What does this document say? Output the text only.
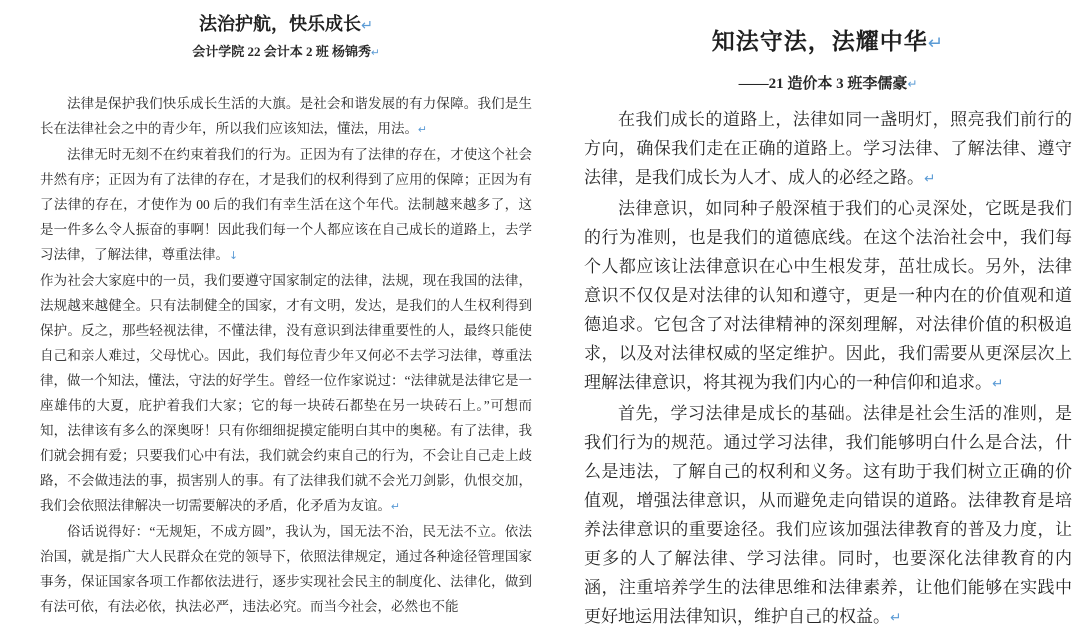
法治护航，快乐成长↵
会计学院 22 会计本 2 班 杨锦秀↵

法律是保护我们快乐成长生活的大旗。是社会和谐发展的有力保障。我们是生长在法律社会之中的青少年，所以我们应该知法，懂法，用法。↵

法律无时无刻不在约束着我们的行为。正因为有了法律的存在，才使这个社会井然有序；正因为有了法律的存在，才是我们的权利得到了应用的保障；正因为有了法律的存在，才使作为 00 后的我们有幸生活在这个年代。法制越来越多了，这是一件多么令人振奋的事啊！因此我们每一个人都应该在自己成长的道路上，去学习法律，了解法律，尊重法律。↓

作为社会大家庭中的一员，我们要遵守国家制定的法律，法规，现在我国的法律，法规越来越健全。只有法制健全的国家，才有文明，发达，是我们的人生权利得到保护。反之，那些轻视法律，不懂法律，没有意识到法律重要性的人，最终只能使自己和亲人难过，父母忧心。因此，我们每位青少年又何必不去学习法律，尊重法律，做一个知法，懂法，守法的好学生。曾经一位作家说过：“法律就是法律它是一座雄伟的大夏，庇护着我们大家；它的每一块砖石都垫在另一块砖石上。”可想而知，法律该有多么的深奥呀！只有你细细捉摸定能明白其中的奥秘。有了法律，我们就会拥有爱；只要我们心中有法，我们就会约束自己的行为，不会让自己走上歧路，不会做违法的事，损害别人的事。有了法律我们就不会光刀剑影，仇恨交加，我们会依照法律解决一切需要解决的矛盾，化矛盾为友谊。↵

俗话说得好：“无规矩，不成方圆”，我认为，国无法不治，民无法不立。依法治国，就是指广大人民群众在党的领导下，依照法律规定，通过各种途径管理国家事务，保证国家各项工作都依法进行，逐步实现社会民主的制度化、法律化，做到有法可依，有法必依，执法必严，违法必究。而当今社会，必然也不能

知法守法，法耀中华↵
——21 造价本 3 班李儒豪↵

在我们成长的道路上，法律如同一盏明灯，照亮我们前行的方向，确保我们走在正确的道路上。学习法律、了解法律、遵守法律，是我们成长为人才、成人的必经之路。↵

法律意识，如同种子般深植于我们的心灵深处，它既是我们的行为准则，也是我们的道德底线。在这个法治社会中，我们每个人都应该让法律意识在心中生根发芽，茁壮成长。另外，法律意识不仅仅是对法律的认知和遵守，更是一种内在的价值观和道德追求。它包含了对法律精神的深刻理解，对法律价值的积极追求，以及对法律权威的坚定维护。因此，我们需要从更深层次上理解法律意识，将其视为我们内心的一种信仰和追求。↵

首先，学习法律是成长的基础。法律是社会生活的准则，是我们行为的规范。通过学习法律，我们能够明白什么是合法，什么是违法，了解自己的权利和义务。这有助于我们树立正确的价值观，增强法律意识，从而避免走向错误的道路。法律教育是培养法律意识的重要途径。我们应该加强法律教育的普及力度，让更多的人了解法律、学习法律。同时，也要深化法律教育的内涵，注重培养学生的法律思维和法律素养，让他们能够在实践中更好地运用法律知识，维护自己的权益。↵
